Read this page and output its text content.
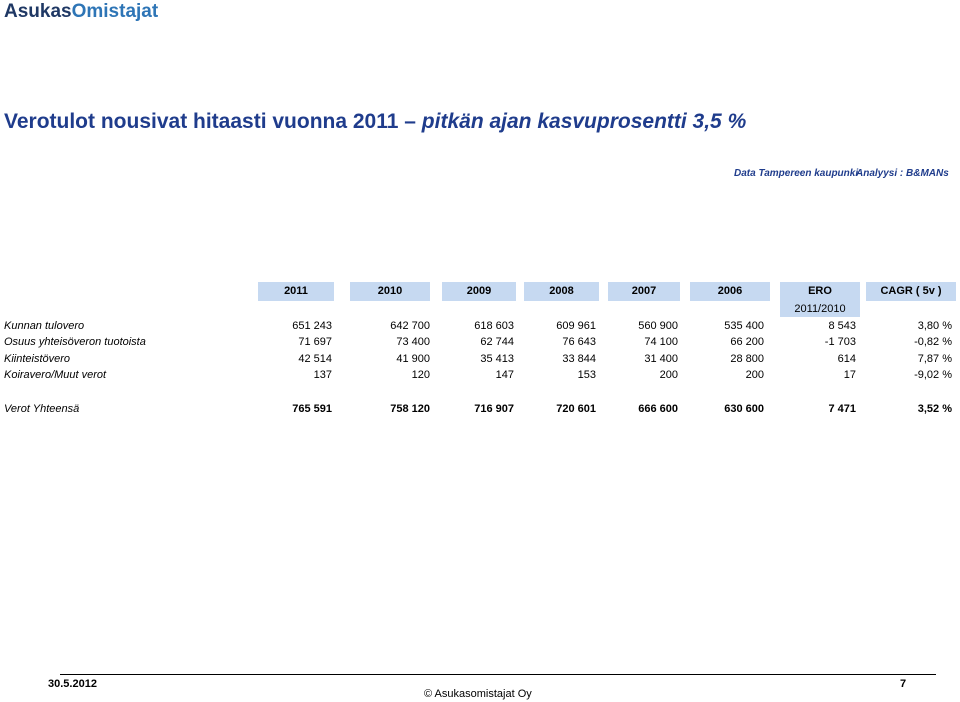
AsukasOmistajat
Verotulot nousivat hitaasti vuonna 2011 – pitkän ajan kasvuprosentti 3,5 %
Data Tampereen kaupunki
Analyysi : B&MANs
2011	2010	2009	2008	2007	2006	ERO	CAGR ( 5v )
2011/2010
Kunnan tulovero	651 243	642 700	618 603	609 961	560 900	535 400	8 543	3,80 %
Osuus yhteisöveron tuotoista	71 697	73 400	62 744	76 643	74 100	66 200	-1 703	-0,82 %
Kiinteistövero	42 514	41 900	35 413	33 844	31 400	28 800	614	7,87 %
Koiravero/Muut verot	137	120	147	153	200	200	17	-9,02 %
Verot Yhteensä	765 591	758 120	716 907	720 601	666 600	630 600	7 471	3,52 %
30.5.2012	7
© Asukasomistajat Oy
